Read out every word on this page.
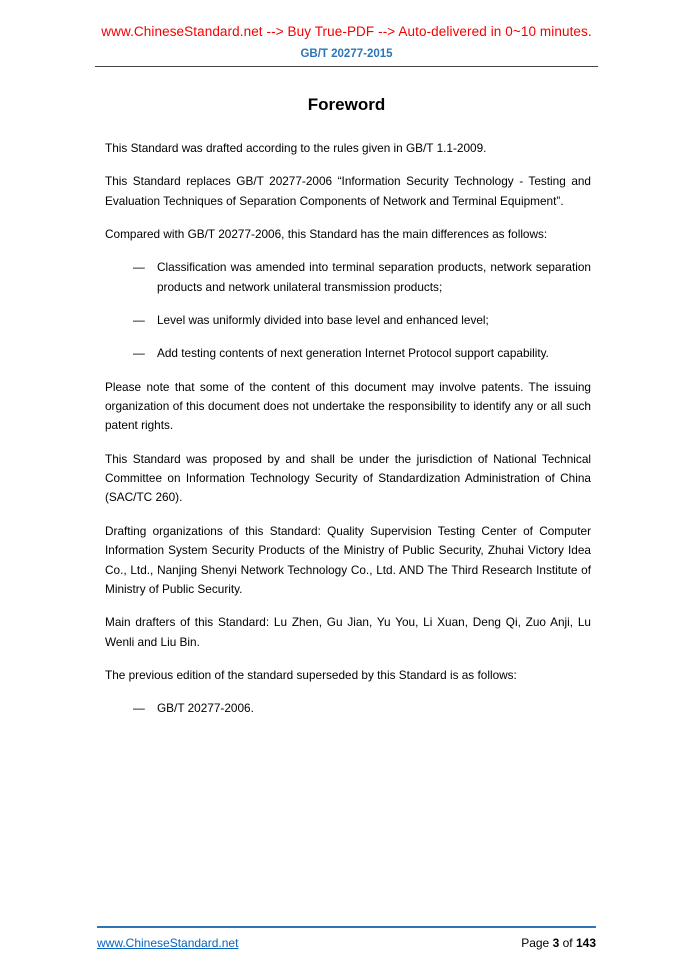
www.ChineseStandard.net --> Buy True-PDF --> Auto-delivered in 0~10 minutes.
GB/T 20277-2015
Foreword

This Standard was drafted according to the rules given in GB/T 1.1-2009.

This Standard replaces GB/T 20277-2006 “Information Security Technology - Testing and Evaluation Techniques of Separation Components of Network and Terminal Equipment”.

Compared with GB/T 20277-2006, this Standard has the main differences as follows:

—	Classification was amended into terminal separation products, network separation products and network unilateral transmission products;
—	Level was uniformly divided into base level and enhanced level;
—	Add testing contents of next generation Internet Protocol support capability.

Please note that some of the content of this document may involve patents. The issuing organization of this document does not undertake the responsibility to identify any or all such patent rights.

This Standard was proposed by and shall be under the jurisdiction of National Technical Committee on Information Technology Security of Standardization Administration of China (SAC/TC 260).

Drafting organizations of this Standard: Quality Supervision Testing Center of Computer Information System Security Products of the Ministry of Public Security, Zhuhai Victory Idea Co., Ltd., Nanjing Shenyi Network Technology Co., Ltd. AND The Third Research Institute of Ministry of Public Security.

Main drafters of this Standard: Lu Zhen, Gu Jian, Yu You, Li Xuan, Deng Qi, Zuo Anji, Lu Wenli and Liu Bin.

The previous edition of the standard superseded by this Standard is as follows:

—	GB/T 20277-2006.
www.ChineseStandard.net	Page 3 of 143
